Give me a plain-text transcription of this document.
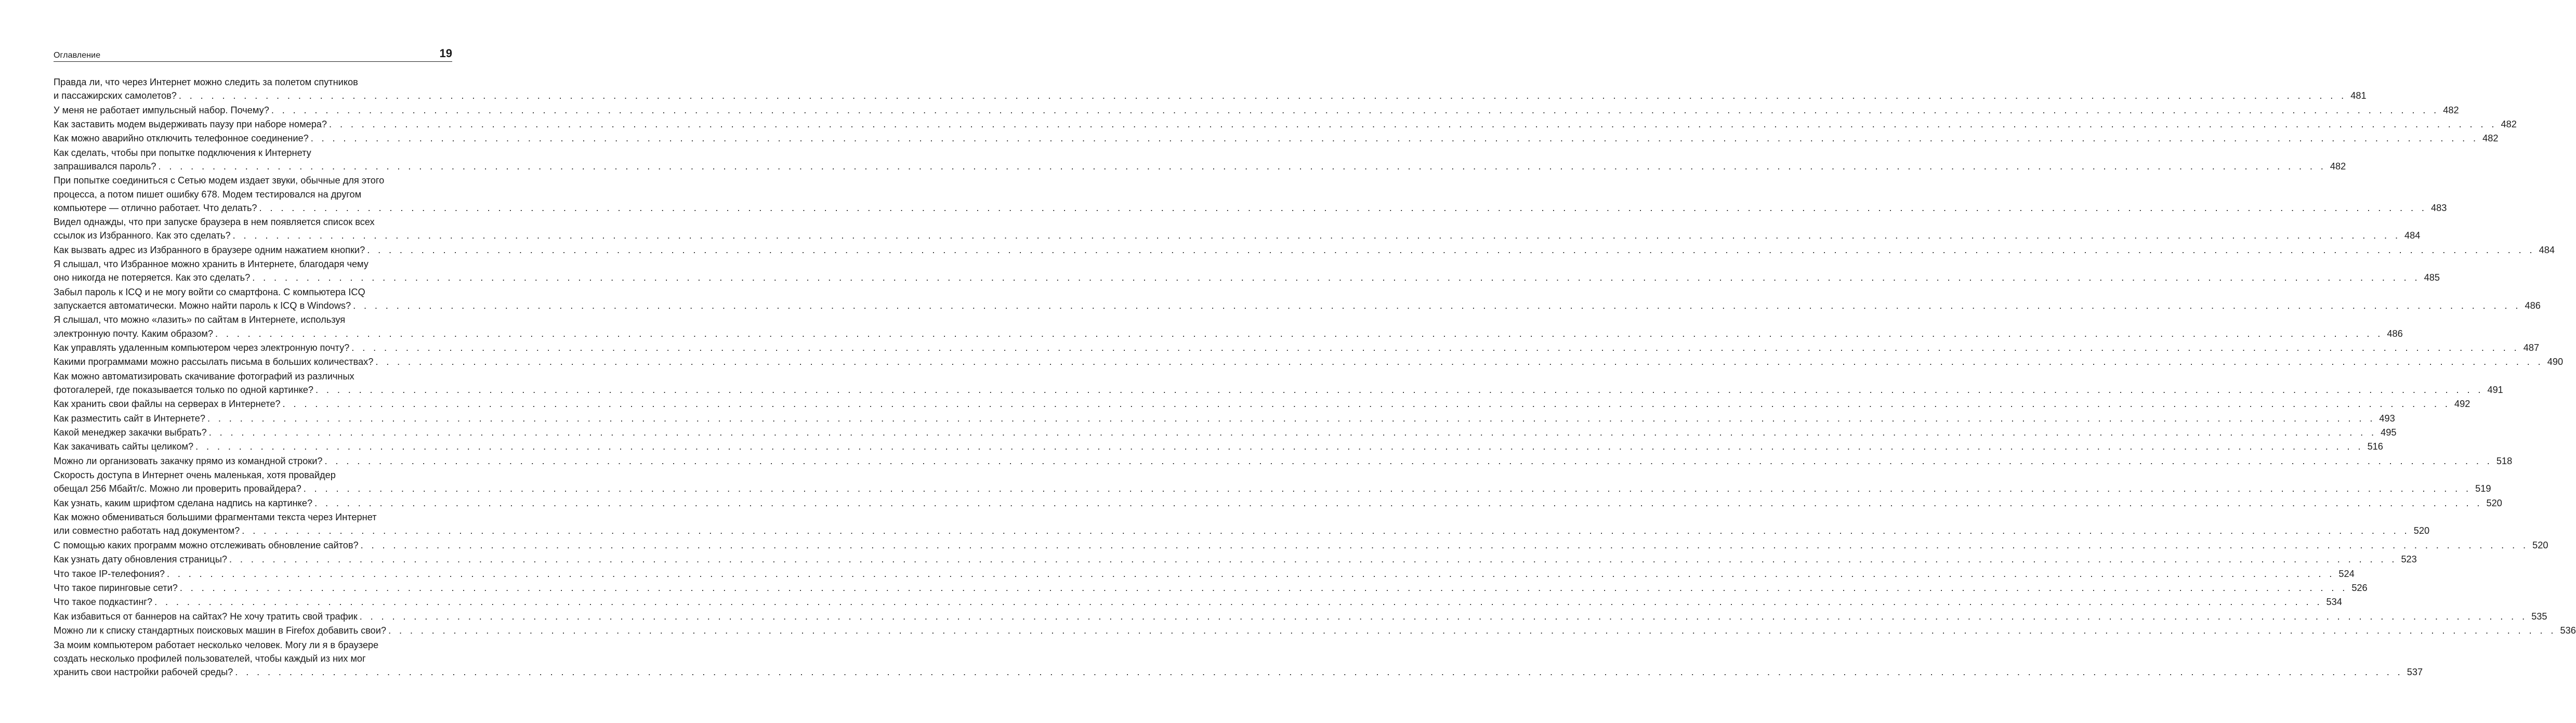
Оглавление	19
Правда ли, что через Интернет можно следить за полетом спутников
и пассажирских самолетов? . . . . . . . . . . . . . . . . . . . . . . . . . . . . . . . . . . . . . . . . . . . . . . . . . . . . . . . . . . . . . . . . . . . . . . . . . . . . . . . . . . . . . . . . . . . . . . . . . . . . . . . . . . . . . . . . . . . . . . . . . . . . . . . . . . . . . . . . . . . . . . . . . . . . . . . . . . . . . . . . . . . . . . . . . . . . . . . . . . . . . . . . . . . . . . . . . . . . . . . . 481
У меня не работает импульсный набор. Почему? . . . . . . . . . . . . . . . . . . . . . . . . . . . . . . . . . . . . . . . . . . . . . . . . . . . . . . . . . . . . . . . . . . . . . . . . . . . . . . . . . . . . . . . . . . . . . . . . . . . . . . . . . . . . . . . . . . . . . . . . . . . . . . . . . . . . . . . . . . . . . . . . . . . . . . . . . . . . . . . . . . . . . . . . . . . . . . . . . . . . . . . . . . . . . . . . . . . . . . . . 482
Как заставить модем выдерживать паузу при наборе номера? . . . . . . . . . . . . . . . . . . . . . . . . . . . . . . . . . . . . . . . . . . . . . . . . . . . . . . . . . . . . . . . . . . . . . . . . . . . . . . . . . . . . . . . . . . . . . . . . . . . . . . . . . . . . . . . . . . . . . . . . . . . . . . . . . . . . . . . . . . . . . . . . . . . . . . . . . . . . . . . . . . . . . . . . . . . . . . . . . . . . . . . . . . . . . . . . . . . . . . . . 482
Как можно аварийно отключить телефонное соединение? . . . . . . . . . . . . . . . . . . . . . . . . . . . . . . . . . . . . . . . . . . . . . . . . . . . . . . . . . . . . . . . . . . . . . . . . . . . . . . . . . . . . . . . . . . . . . . . . . . . . . . . . . . . . . . . . . . . . . . . . . . . . . . . . . . . . . . . . . . . . . . . . . . . . . . . . . . . . . . . . . . . . . . . . . . . . . . . . . . . . . . . . . . . . . . . . . . . . . . . . 482
Как сделать, чтобы при попытке подключения к Интернету
запрашивался пароль? . . . . . . . . . . . . . . . . . . . . . . . . . . . . . . . . . . . . . . . . . . . . . . . . . . . . . . . . . . . . . . . . . . . . . . . . . . . . . . . . . . . . . . . . . . . . . . . . . . . . . . . . . . . . . . . . . . . . . . . . . . . . . . . . . . . . . . . . . . . . . . . . . . . . . . . . . . . . . . . . . . . . . . . . . . . . . . . . . . . . . . . . . . . . . . . . . . . . . . . . 482
При попытке соединиться с Сетью модем издает звуки, обычные для этого
процесса, а потом пишет ошибку 678. Модем тестировался на другом
компьютере — отлично работает. Что делать? . . . . . . . . . . . . . . . . . . . . . . . . . . . . . . . . . . . . . . . . . . . . . . . . . . . . . . . . . . . . . . . . . . . . . . . . . . . . . . . . . . . . . . . . . . . . . . . . . . . . . . . . . . . . . . . . . . . . . . . . . . . . . . . . . . . . . . . . . . . . . . . . . . . . . . . . . . . . . . . . . . . . . . . . . . . . . . . . . . . . . . . . . . . . . . . . . . . . . . . . 483
Видел однажды, что при запуске браузера в нем появляется список всех
ссылок из Избранного. Как это сделать? . . . . . . . . . . . . . . . . . . . . . . . . . . . . . . . . . . . . . . . . . . . . . . . . . . . . . . . . . . . . . . . . . . . . . . . . . . . . . . . . . . . . . . . . . . . . . . . . . . . . . . . . . . . . . . . . . . . . . . . . . . . . . . . . . . . . . . . . . . . . . . . . . . . . . . . . . . . . . . . . . . . . . . . . . . . . . . . . . . . . . . . . . . . . . . . . . . . . . . . . 484
Как вызвать адрес из Избранного в браузере одним нажатием кнопки? . . . . . . . . . . . . . . . . . . . . . . . . . . . . . . . . . . . . . . . . . . . . . . . . . . . . . . . . . . . . . . . . . . . . . . . . . . . . . . . . . . . . . . . . . . . . . . . . . . . . . . . . . . . . . . . . . . . . . . . . . . . . . . . . . . . . . . . . . . . . . . . . . . . . . . . . . . . . . . . . . . . . . . . . . . . . . . . . . . . . . . . . . . . . . . . . . . . . . . . . 484
Я слышал, что Избранное можно хранить в Интернете, благодаря чему
оно никогда не потеряется. Как это сделать? . . . . . . . . . . . . . . . . . . . . . . . . . . . . . . . . . . . . . . . . . . . . . . . . . . . . . . . . . . . . . . . . . . . . . . . . . . . . . . . . . . . . . . . . . . . . . . . . . . . . . . . . . . . . . . . . . . . . . . . . . . . . . . . . . . . . . . . . . . . . . . . . . . . . . . . . . . . . . . . . . . . . . . . . . . . . . . . . . . . . . . . . . . . . . . . . . . . . . . . . 485
Забыл пароль к ICQ и не могу войти со смартфона. С компьютера ICQ
запускается автоматически. Можно найти пароль к ICQ в Windows? . . . . . . . . . . . . . . . . . . . . . . . . . . . . . . . . . . . . . . . . . . . . . . . . . . . . . . . . . . . . . . . . . . . . . . . . . . . . . . . . . . . . . . . . . . . . . . . . . . . . . . . . . . . . . . . . . . . . . . . . . . . . . . . . . . . . . . . . . . . . . . . . . . . . . . . . . . . . . . . . . . . . . . . . . . . . . . . . . . . . . . . . . . . . . . . . . . . . . . . . 486
Я слышал, что можно «лазить» по сайтам в Интернете, используя
электронную почту. Каким образом? . . . . . . . . . . . . . . . . . . . . . . . . . . . . . . . . . . . . . . . . . . . . . . . . . . . . . . . . . . . . . . . . . . . . . . . . . . . . . . . . . . . . . . . . . . . . . . . . . . . . . . . . . . . . . . . . . . . . . . . . . . . . . . . . . . . . . . . . . . . . . . . . . . . . . . . . . . . . . . . . . . . . . . . . . . . . . . . . . . . . . . . . . . . . . . . . . . . . . . . . 486
Как управлять удаленным компьютером через электронную почту? . . . . . . . . . . . . . . . . . . . . . . . . . . . . . . . . . . . . . . . . . . . . . . . . . . . . . . . . . . . . . . . . . . . . . . . . . . . . . . . . . . . . . . . . . . . . . . . . . . . . . . . . . . . . . . . . . . . . . . . . . . . . . . . . . . . . . . . . . . . . . . . . . . . . . . . . . . . . . . . . . . . . . . . . . . . . . . . . . . . . . . . . . . . . . . . . . . . . . . . . 487
Какими программами можно рассылать письма в больших количествах? . . . . . . . . . . . . . . . . . . . . . . . . . . . . . . . . . . . . . . . . . . . . . . . . . . . . . . . . . . . . . . . . . . . . . . . . . . . . . . . . . . . . . . . . . . . . . . . . . . . . . . . . . . . . . . . . . . . . . . . . . . . . . . . . . . . . . . . . . . . . . . . . . . . . . . . . . . . . . . . . . . . . . . . . . . . . . . . . . . . . . . . . . . . . . . . . . . . . . . . . 490
Как можно автоматизировать скачивание фотографий из различных
фотогалерей, где показывается только по одной картинке? . . . . . . . . . . . . . . . . . . . . . . . . . . . . . . . . . . . . . . . . . . . . . . . . . . . . . . . . . . . . . . . . . . . . . . . . . . . . . . . . . . . . . . . . . . . . . . . . . . . . . . . . . . . . . . . . . . . . . . . . . . . . . . . . . . . . . . . . . . . . . . . . . . . . . . . . . . . . . . . . . . . . . . . . . . . . . . . . . . . . . . . . . . . . . . . . . . . . . . . . 491
Как хранить свои файлы на серверах в Интернете? . . . . . . . . . . . . . . . . . . . . . . . . . . . . . . . . . . . . . . . . . . . . . . . . . . . . . . . . . . . . . . . . . . . . . . . . . . . . . . . . . . . . . . . . . . . . . . . . . . . . . . . . . . . . . . . . . . . . . . . . . . . . . . . . . . . . . . . . . . . . . . . . . . . . . . . . . . . . . . . . . . . . . . . . . . . . . . . . . . . . . . . . . . . . . . . . . . . . . . . . 492
Как разместить сайт в Интернете? . . . . . . . . . . . . . . . . . . . . . . . . . . . . . . . . . . . . . . . . . . . . . . . . . . . . . . . . . . . . . . . . . . . . . . . . . . . . . . . . . . . . . . . . . . . . . . . . . . . . . . . . . . . . . . . . . . . . . . . . . . . . . . . . . . . . . . . . . . . . . . . . . . . . . . . . . . . . . . . . . . . . . . . . . . . . . . . . . . . . . . . . . . . . . . . . . . . . . . . . 493
Какой менеджер закачки выбрать? . . . . . . . . . . . . . . . . . . . . . . . . . . . . . . . . . . . . . . . . . . . . . . . . . . . . . . . . . . . . . . . . . . . . . . . . . . . . . . . . . . . . . . . . . . . . . . . . . . . . . . . . . . . . . . . . . . . . . . . . . . . . . . . . . . . . . . . . . . . . . . . . . . . . . . . . . . . . . . . . . . . . . . . . . . . . . . . . . . . . . . . . . . . . . . . . . . . . . . . . 495
Как закачивать сайты целиком? . . . . . . . . . . . . . . . . . . . . . . . . . . . . . . . . . . . . . . . . . . . . . . . . . . . . . . . . . . . . . . . . . . . . . . . . . . . . . . . . . . . . . . . . . . . . . . . . . . . . . . . . . . . . . . . . . . . . . . . . . . . . . . . . . . . . . . . . . . . . . . . . . . . . . . . . . . . . . . . . . . . . . . . . . . . . . . . . . . . . . . . . . . . . . . . . . . . . . . . . 516
Можно ли организовать закачку прямо из командной строки? . . . . . . . . . . . . . . . . . . . . . . . . . . . . . . . . . . . . . . . . . . . . . . . . . . . . . . . . . . . . . . . . . . . . . . . . . . . . . . . . . . . . . . . . . . . . . . . . . . . . . . . . . . . . . . . . . . . . . . . . . . . . . . . . . . . . . . . . . . . . . . . . . . . . . . . . . . . . . . . . . . . . . . . . . . . . . . . . . . . . . . . . . . . . . . . . . . . . . . . . 518
Скорость доступа в Интернет очень маленькая, хотя провайдер
обещал 256 Мбайт/с. Можно ли проверить провайдера? . . . . . . . . . . . . . . . . . . . . . . . . . . . . . . . . . . . . . . . . . . . . . . . . . . . . . . . . . . . . . . . . . . . . . . . . . . . . . . . . . . . . . . . . . . . . . . . . . . . . . . . . . . . . . . . . . . . . . . . . . . . . . . . . . . . . . . . . . . . . . . . . . . . . . . . . . . . . . . . . . . . . . . . . . . . . . . . . . . . . . . . . . . . . . . . . . . . . . . . . 519
Как узнать, каким шрифтом сделана надпись на картинке? . . . . . . . . . . . . . . . . . . . . . . . . . . . . . . . . . . . . . . . . . . . . . . . . . . . . . . . . . . . . . . . . . . . . . . . . . . . . . . . . . . . . . . . . . . . . . . . . . . . . . . . . . . . . . . . . . . . . . . . . . . . . . . . . . . . . . . . . . . . . . . . . . . . . . . . . . . . . . . . . . . . . . . . . . . . . . . . . . . . . . . . . . . . . . . . . . . . . . . . . 520
Как можно обмениваться большими фрагментами текста через Интернет
или совместно работать над документом? . . . . . . . . . . . . . . . . . . . . . . . . . . . . . . . . . . . . . . . . . . . . . . . . . . . . . . . . . . . . . . . . . . . . . . . . . . . . . . . . . . . . . . . . . . . . . . . . . . . . . . . . . . . . . . . . . . . . . . . . . . . . . . . . . . . . . . . . . . . . . . . . . . . . . . . . . . . . . . . . . . . . . . . . . . . . . . . . . . . . . . . . . . . . . . . . . . . . . . . . 520
С помощью каких программ можно отслеживать обновление сайтов? . . . . . . . . . . . . . . . . . . . . . . . . . . . . . . . . . . . . . . . . . . . . . . . . . . . . . . . . . . . . . . . . . . . . . . . . . . . . . . . . . . . . . . . . . . . . . . . . . . . . . . . . . . . . . . . . . . . . . . . . . . . . . . . . . . . . . . . . . . . . . . . . . . . . . . . . . . . . . . . . . . . . . . . . . . . . . . . . . . . . . . . . . . . . . . . . . . . . . . . . 520
Как узнать дату обновления страницы? . . . . . . . . . . . . . . . . . . . . . . . . . . . . . . . . . . . . . . . . . . . . . . . . . . . . . . . . . . . . . . . . . . . . . . . . . . . . . . . . . . . . . . . . . . . . . . . . . . . . . . . . . . . . . . . . . . . . . . . . . . . . . . . . . . . . . . . . . . . . . . . . . . . . . . . . . . . . . . . . . . . . . . . . . . . . . . . . . . . . . . . . . . . . . . . . . . . . . . . . 523
Что такое IP-телефония? . . . . . . . . . . . . . . . . . . . . . . . . . . . . . . . . . . . . . . . . . . . . . . . . . . . . . . . . . . . . . . . . . . . . . . . . . . . . . . . . . . . . . . . . . . . . . . . . . . . . . . . . . . . . . . . . . . . . . . . . . . . . . . . . . . . . . . . . . . . . . . . . . . . . . . . . . . . . . . . . . . . . . . . . . . . . . . . . . . . . . . . . . . . . . . . . . . . . . . . . 524
Что такое пиринговые сети? . . . . . . . . . . . . . . . . . . . . . . . . . . . . . . . . . . . . . . . . . . . . . . . . . . . . . . . . . . . . . . . . . . . . . . . . . . . . . . . . . . . . . . . . . . . . . . . . . . . . . . . . . . . . . . . . . . . . . . . . . . . . . . . . . . . . . . . . . . . . . . . . . . . . . . . . . . . . . . . . . . . . . . . . . . . . . . . . . . . . . . . . . . . . . . . . . . . . . . . . 526
Что такое подкастинг? . . . . . . . . . . . . . . . . . . . . . . . . . . . . . . . . . . . . . . . . . . . . . . . . . . . . . . . . . . . . . . . . . . . . . . . . . . . . . . . . . . . . . . . . . . . . . . . . . . . . . . . . . . . . . . . . . . . . . . . . . . . . . . . . . . . . . . . . . . . . . . . . . . . . . . . . . . . . . . . . . . . . . . . . . . . . . . . . . . . . . . . . . . . . . . . . . . . . . . . . 534
Как избавиться от баннеров на сайтах? Не хочу тратить свой трафик . . . . . . . . . . . . . . . . . . . . . . . . . . . . . . . . . . . . . . . . . . . . . . . . . . . . . . . . . . . . . . . . . . . . . . . . . . . . . . . . . . . . . . . . . . . . . . . . . . . . . . . . . . . . . . . . . . . . . . . . . . . . . . . . . . . . . . . . . . . . . . . . . . . . . . . . . . . . . . . . . . . . . . . . . . . . . . . . . . . . . . . . . . . . . . . . . . . . . . . . 535
Можно ли к списку стандартных поисковых машин в Firefox добавить свои? . . . . . . . . . . . . . . . . . . . . . . . . . . . . . . . . . . . . . . . . . . . . . . . . . . . . . . . . . . . . . . . . . . . . . . . . . . . . . . . . . . . . . . . . . . . . . . . . . . . . . . . . . . . . . . . . . . . . . . . . . . . . . . . . . . . . . . . . . . . . . . . . . . . . . . . . . . . . . . . . . . . . . . . . . . . . . . . . . . . . . . . . . . . . . . . . . . . . . . . . 536
За моим компьютером работает несколько человек. Могу ли я в браузере
создать несколько профилей пользователей, чтобы каждый из них мог
хранить свои настройки рабочей среды? . . . . . . . . . . . . . . . . . . . . . . . . . . . . . . . . . . . . . . . . . . . . . . . . . . . . . . . . . . . . . . . . . . . . . . . . . . . . . . . . . . . . . . . . . . . . . . . . . . . . . . . . . . . . . . . . . . . . . . . . . . . . . . . . . . . . . . . . . . . . . . . . . . . . . . . . . . . . . . . . . . . . . . . . . . . . . . . . . . . . . . . . . . . . . . . . . . . . . . . . 537
